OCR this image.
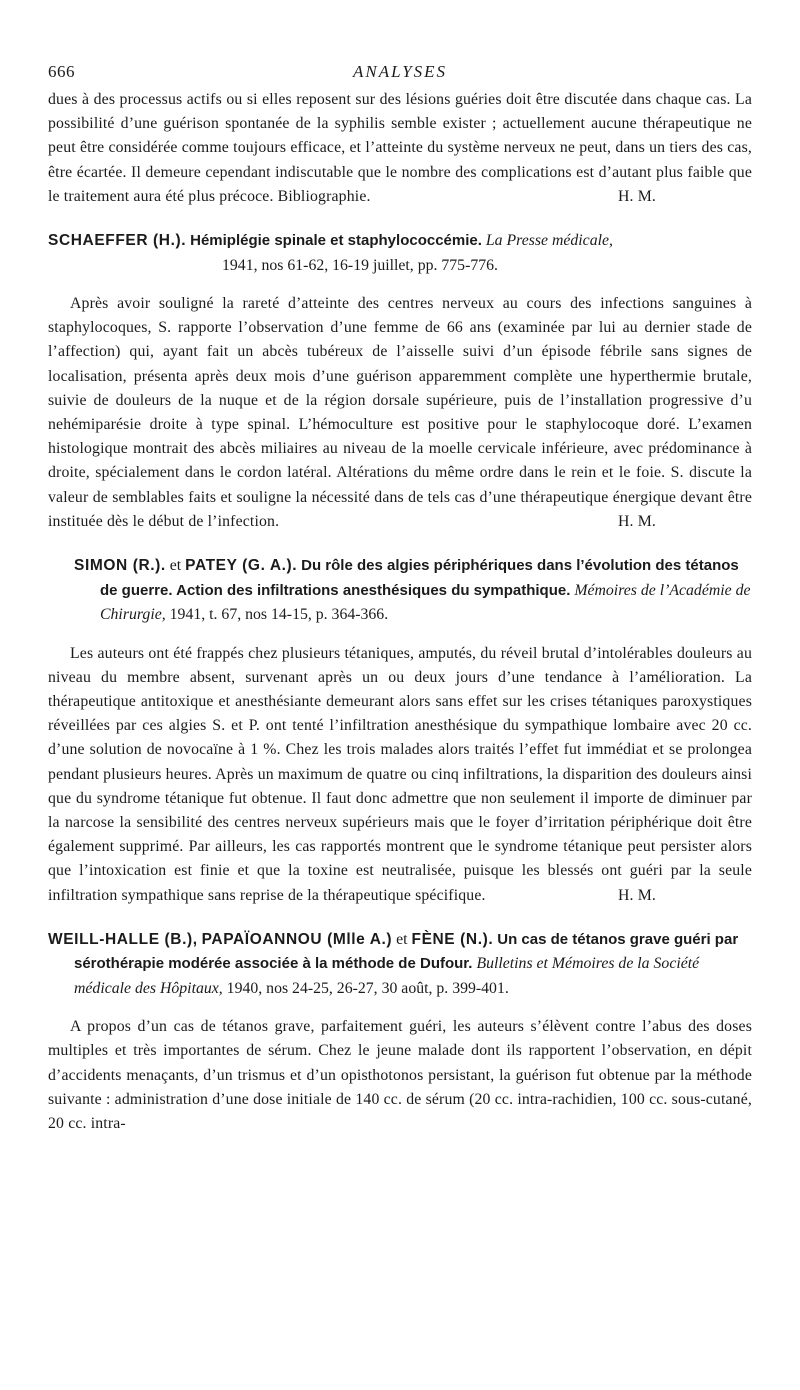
666	ANALYSES

dues à des processus actifs ou si elles reposent sur des lésions guéries doit être discutée dans chaque cas. La possibilité d’une guérison spontanée de la syphilis semble exister ; actuellement aucune thérapeutique ne peut être considérée comme toujours efficace, et l’atteinte du système nerveux ne peut, dans un tiers des cas, être écartée. Il demeure cependant indiscutable que le nombre des complications est d’autant plus faible que le traitement aura été plus précoce. Bibliographie.	H. M.

SCHAEFFER (H.). Hémiplégie spinale et staphylococcémie. La Presse médicale,
1941, nos 61-62, 16-19 juillet, pp. 775-776.

Après avoir souligné la rareté d’atteinte des centres nerveux au cours des infections sanguines à staphylocoques, S. rapporte l’observation d’une femme de 66 ans (examinée par lui au dernier stade de l’affection) qui, ayant fait un abcès tubéreux de l’aisselle suivi d’un épisode fébrile sans signes de localisation, présenta après deux mois d’une guérison apparemment complète une hyperthermie brutale, suivie de douleurs de la nuque et de la région dorsale supérieure, puis de l’installation progressive d’u nehémiparésie droite à type spinal. L’hémoculture est positive pour le staphylocoque doré. L’examen histologique montrait des abcès miliaires au niveau de la moelle cervicale inférieure, avec prédominance à droite, spécialement dans le cordon latéral. Altérations du même ordre dans le rein et le foie. S. discute la valeur de semblables faits et souligne la nécessité dans de tels cas d’une thérapeutique énergique devant être instituée dès le début de l’infection.	H. M.

SIMON (R.). et PATEY (G. A.). Du rôle des algies périphériques dans l’évolution des tétanos de guerre. Action des infiltrations anesthésiques du sympathique. Mémoires de l’Académie de Chirurgie, 1941, t. 67, nos 14-15, p. 364-366.

Les auteurs ont été frappés chez plusieurs tétaniques, amputés, du réveil brutal d’intolérables douleurs au niveau du membre absent, survenant après un ou deux jours d’une tendance à l’amélioration. La thérapeutique antitoxique et anesthésiante demeurant alors sans effet sur les crises tétaniques paroxystiques réveillées par ces algies S. et P. ont tenté l’infiltration anesthésique du sympathique lombaire avec 20 cc. d’une solution de novocaïne à 1 %. Chez les trois malades alors traités l’effet fut immédiat et se prolongea pendant plusieurs heures. Après un maximum de quatre ou cinq infiltrations, la disparition des douleurs ainsi que du syndrome tétanique fut obtenue. Il faut donc admettre que non seulement il importe de diminuer par la narcose la sensibilité des centres nerveux supérieurs mais que le foyer d’irritation périphérique doit être également supprimé. Par ailleurs, les cas rapportés montrent que le syndrome tétanique peut persister alors que l’intoxication est finie et que la toxine est neutralisée, puisque les blessés ont guéri par la seule infiltration sympathique sans reprise de la thérapeutique spécifique.	H. M.

WEILL-HALLE (B.), PAPAÏOANNOU (Mlle A.) et FÈNE (N.). Un cas de tétanos grave guéri par sérothérapie modérée associée à la méthode de Dufour. Bulletins et Mémoires de la Société médicale des Hôpitaux, 1940, nos 24-25, 26-27, 30 août, p. 399-401.

A propos d’un cas de tétanos grave, parfaitement guéri, les auteurs s’élèvent contre l’abus des doses multiples et très importantes de sérum. Chez le jeune malade dont ils rapportent l’observation, en dépit d’accidents menaçants, d’un trismus et d’un opisthotonos persistant, la guérison fut obtenue par la méthode suivante : administration d’une dose initiale de 140 cc. de sérum (20 cc. intra-rachidien, 100 cc. sous-cutané, 20 cc. intra-
